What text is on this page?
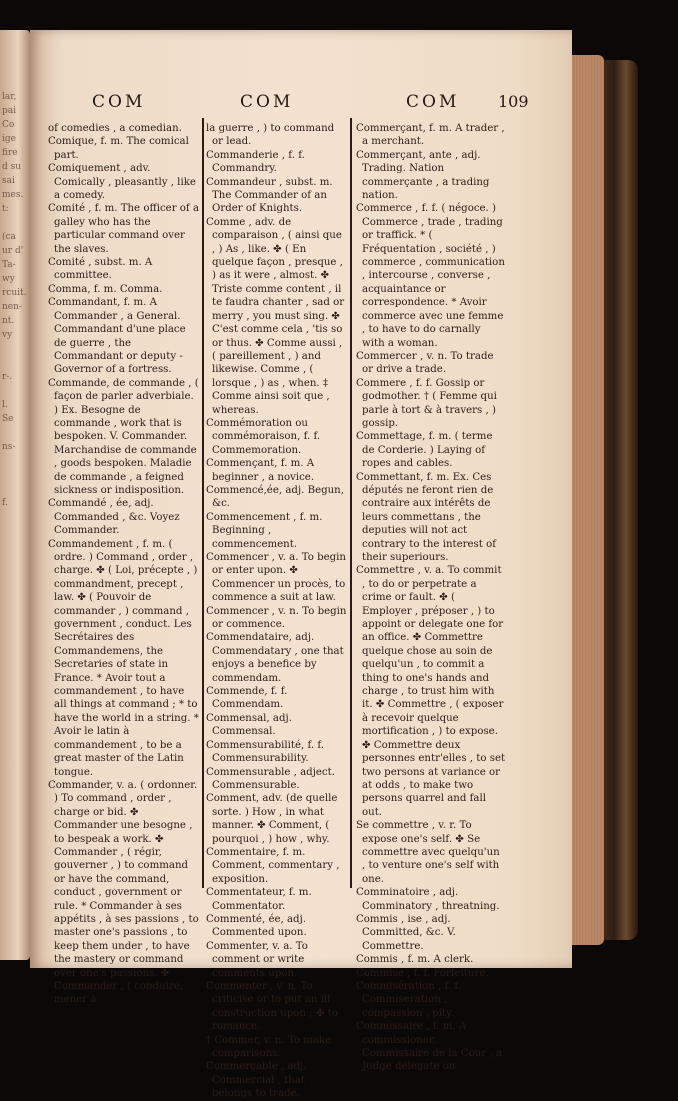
lar,
pai
Co
ige
fire
d su
sai
mes.
t:

(ca
ur d'
Ta-
wy
rcuit.
nen-
nt.
vy

r-.

l.
Se

ns-

f.
COM	COM	COM 109

of comedies , a comedian.

Comique, f. m. The comical part.

Comiquement , adv. Comically , pleasantly , like a comedy.

Comité , f. m. The officer of a galley who has the particular command over the slaves.

Comité , subst. m. A committee.

Comma, f. m. Comma.

Commandant, f. m. A Commander , a General. Commandant d'une place de guerre , the Commandant or deputy - Governor of a fortress.

Commande, de commande , ( façon de parler adverbiale. ) Ex. Besogne de commande , work that is bespoken. V. Commander. Marchandise de commande , goods bespoken. Maladie de commande , a feigned sickness or indisposition.

Commandé , ée, adj. Commanded , &c. Voyez Commander.

Commandement , f. m. ( ordre. ) Command , order , charge. ✤ ( Loi, précepte , ) commandment, precept , law. ✤ ( Pouvoir de commander , ) command , government , conduct. Les Secrétaires des Commandemens, the Secretaries of state in France. * Avoir tout a commandement , to have all things at command ; * to have the world in a string. * Avoir le latin à commandement , to be a great master of the Latin tongue.

Commander, v. a. ( ordonner. ) To command , order , charge or bid. ✤ Commander une besogne , to bespeak a work. ✤ Commander , ( régir, gouverner , ) to command or have the command, conduct , government or rule. * Commander à ses appétits , à ses passions , to master one's passions , to keep them under , to have the mastery or command over one's passions. ✤ Commander , ( conduire, mener à

la guerre , ) to command or lead.

Commanderie , f. f. Commandry.

Commandeur , subst. m. The Commander of an Order of Knights.

Comme , adv. de comparaison , ( ainsi que , ) As , like. ✤ ( En quelque façon , presque , ) as it were , almost. ✤ Triste comme content , il te faudra chanter , sad or merry , you must sing. ✤ C'est comme cela , 'tis so or thus. ✤ Comme aussi , ( pareillement , ) and likewise. Comme , ( lorsque , ) as , when. ‡ Comme ainsi soit que , whereas.

Commémoration ou commémoraison, f. f. Commemoration.

Commençant, f. m. A beginner , a novice.

Commencé,ée, adj. Begun, &c.

Commencement , f. m. Beginning , commencement.

Commencer , v. a. To begin or enter upon. ✤ Commencer un procès, to commence a suit at law.

Commencer , v. n. To begin or commence.

Commendataire, adj. Commendatary , one that enjoys a benefice by commendam.

Commende, f. f. Commendam.

Commensal, adj. Commensal.

Commensurabilité, f. f. Commensurability.

Commensurable , adject. Commensurable.

Comment, adv. (de quelle sorte. ) How , in what manner. ✤ Comment, ( pourquoi , ) how , why.

Commentaire, f. m. Comment, commentary , exposition.

Commentateur, f. m. Commentator.

Commenté, ée, adj. Commented upon.

Commenter, v. a. To comment or write comments upon.

Commenter , v. n. To criticise or to put an ill construction upon ; ✤ to romance.

† Commer, v. n. To make comparisons.

Commerçable , adj. Commercial , that belongs to trade.

Commerçant, f. m. A trader , a merchant.

Commerçant, ante , adj. Trading. Nation commerçante , a trading nation.

Commerce , f. f. ( négoce. ) Commerce , trade , trading or traffick. * ( Fréquentation , société , ) commerce , communication , intercourse , converse , acquaintance or correspondence. * Avoir commerce avec une femme , to have to do carnally with a woman.

Commercer , v. n. To trade or drive a trade.

Commere , f. f. Gossip or godmother. † ( Femme qui parle à tort & à travers , ) gossip.

Commettage, f. m. ( terme de Corderie. ) Laying of ropes and cables.

Commettant, f. m. Ex. Ces députés ne feront rien de contraire aux intérêts de leurs commettans , the deputies will not act contrary to the interest of their superiours.

Commettre , v. a. To commit , to do or perpetrate a crime or fault. ✤ ( Employer , préposer , ) to appoint or delegate one for an office. ✤ Commettre quelque chose au soin de quelqu'un , to commit a thing to one's hands and charge , to trust him with it. ✤ Commettre , ( exposer à recevoir quelque mortification , ) to expose. ✤ Commettre deux personnes entr'elles , to set two persons at variance or at odds , to make two persons quarrel and fall out.

Se commettre , v. r. To expose one's self. ✤ Se commettre avec quelqu'un , to venture one's self with one.

Comminatoire , adj. Comminatory , threatning.

Commis , ise , adj. Committed, &c. V. Commettre.

Commis , f. m. A clerk.

Commise , f. f. Forfeiture.

Commisération , f. f. Commiseration , compassion , pity.

Commissaire , f. m. A commissioner. Commissaire de la Cour , a Judge delegate on
